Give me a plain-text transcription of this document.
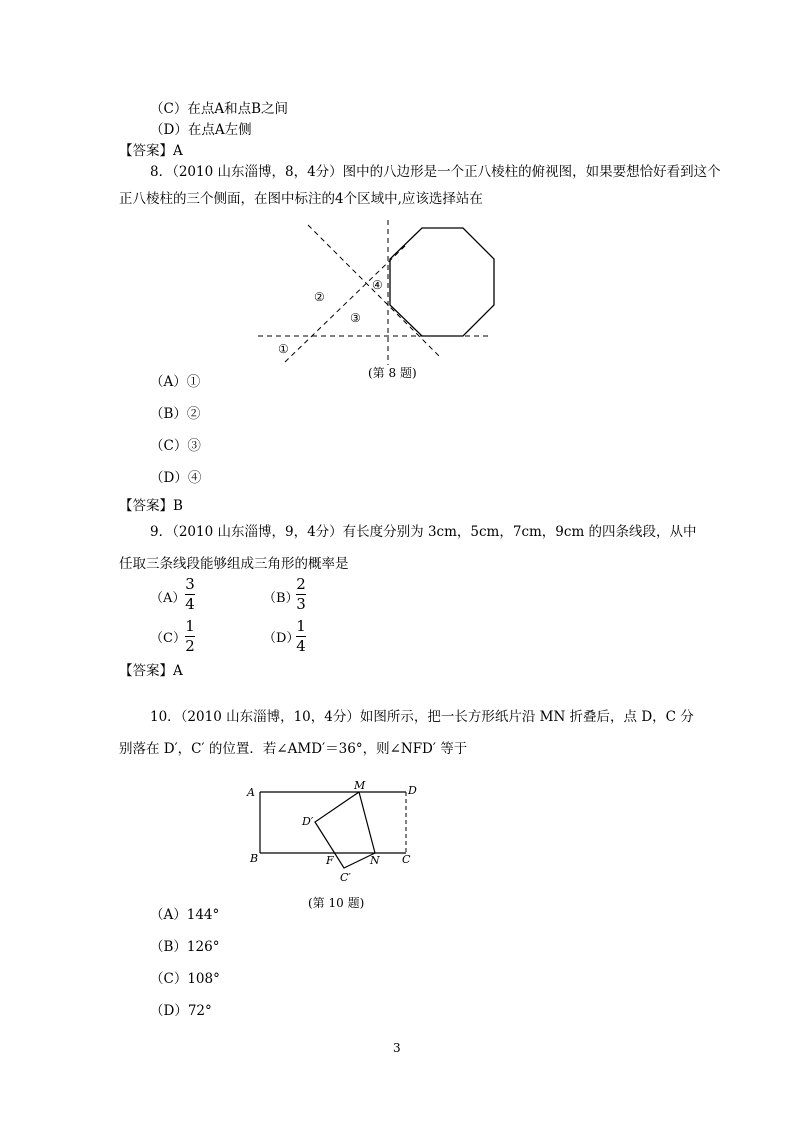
（C）在点A和点B之间
（D）在点A左侧
【答案】A
8．（2010 山东淄博，8，4分）图中的八边形是一个正八棱柱的俯视图，如果要想恰好看到这个
正八棱柱的三个侧面，在图中标注的4个区域中,应该选择站在
①
②
③
④
(第 8 题)
（A）①
（B）②
（C）③
（D）④
【答案】B
9．（2010 山东淄博，9，4分）有长度分别为 3cm，5cm，7cm，9cm 的四条线段，从中
任取三条线段能够组成三角形的概率是
（A）
3
4	（B）
2
3
（C）
1
2	（D）
1
4
【答案】A
10．（2010 山东淄博，10，4分）如图所示，把一长方形纸片沿 MN 折叠后，点 D，C 分
别落在 D′，C′ 的位置．若∠AMD′＝36°，则∠NFD′ 等于
A
B	C
D
M
N
F
D′
C′
(第 10 题)
（A）144°
（B）126°
（C）108°
（D）72°
3
